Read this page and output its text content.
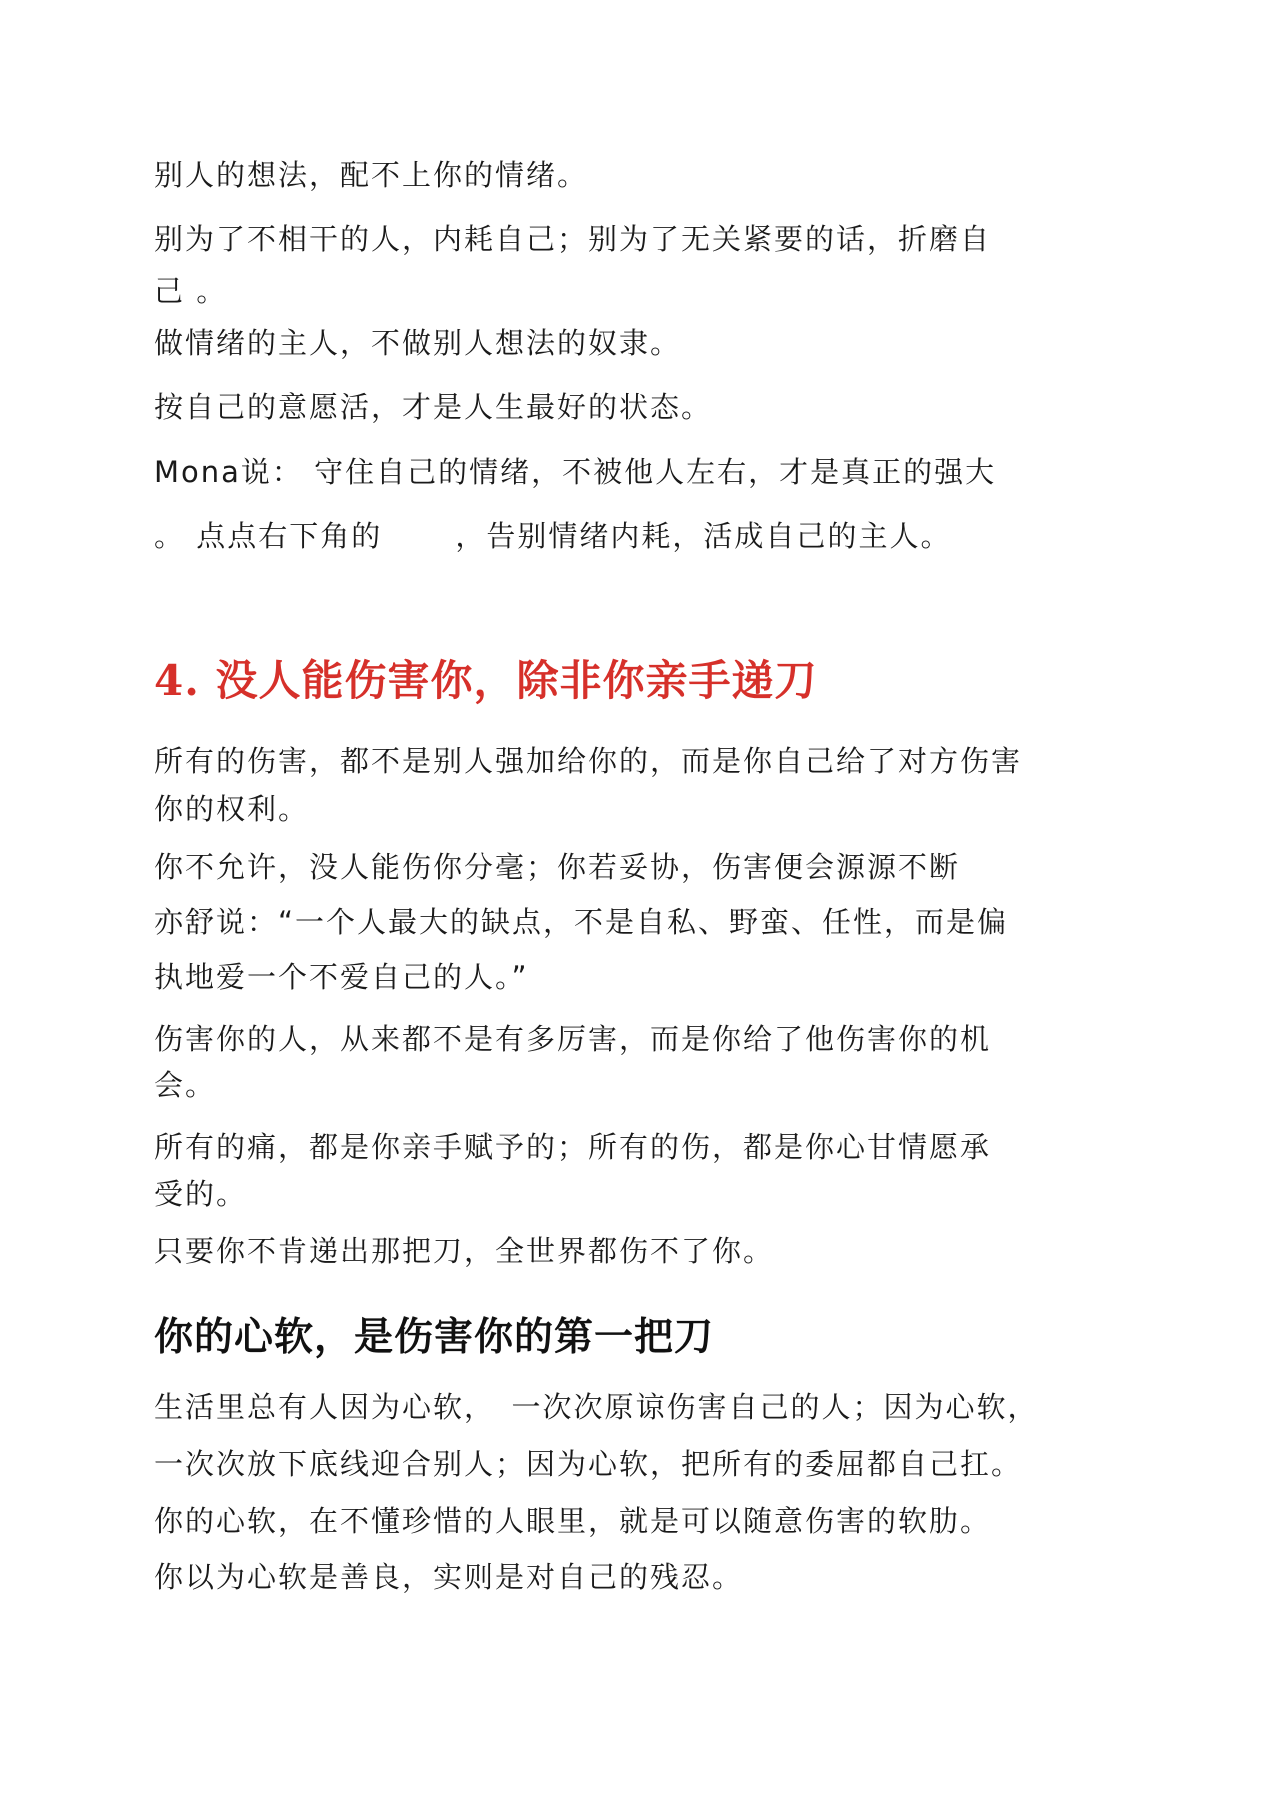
别人的想法，配不上你的情绪。

别为了不相干的人，内耗自己；别为了无关紧要的话，折磨自

己 。

做情绪的主人，不做别人想法的奴隶。

按自己的意愿活，才是人生最好的状态。

Mona说： 守住自己的情绪，不被他人左右，才是真正的强大

。 点点右下角的　　 ，告别情绪内耗，活成自己的主人。

4. 没人能伤害你，除非你亲手递刀

所有的伤害，都不是别人强加给你的，而是你自己给了对方伤害

你的权利。

你不允许，没人能伤你分毫；你若妥协，伤害便会源源不断

亦舒说：“一个人最大的缺点，不是自私、野蛮、任性，而是偏

执地爱一个不爱自己的人。”

伤害你的人，从来都不是有多厉害，而是你给了他伤害你的机

会。

所有的痛，都是你亲手赋予的；所有的伤，都是你心甘情愿承

受的。

只要你不肯递出那把刀，全世界都伤不了你。

你的心软，是伤害你的第一把刀

生活里总有人因为心软，　一次次原谅伤害自己的人；因为心软，

一次次放下底线迎合别人；因为心软，把所有的委屈都自己扛。

你的心软，在不懂珍惜的人眼里，就是可以随意伤害的软肋。

你以为心软是善良，实则是对自己的残忍。
